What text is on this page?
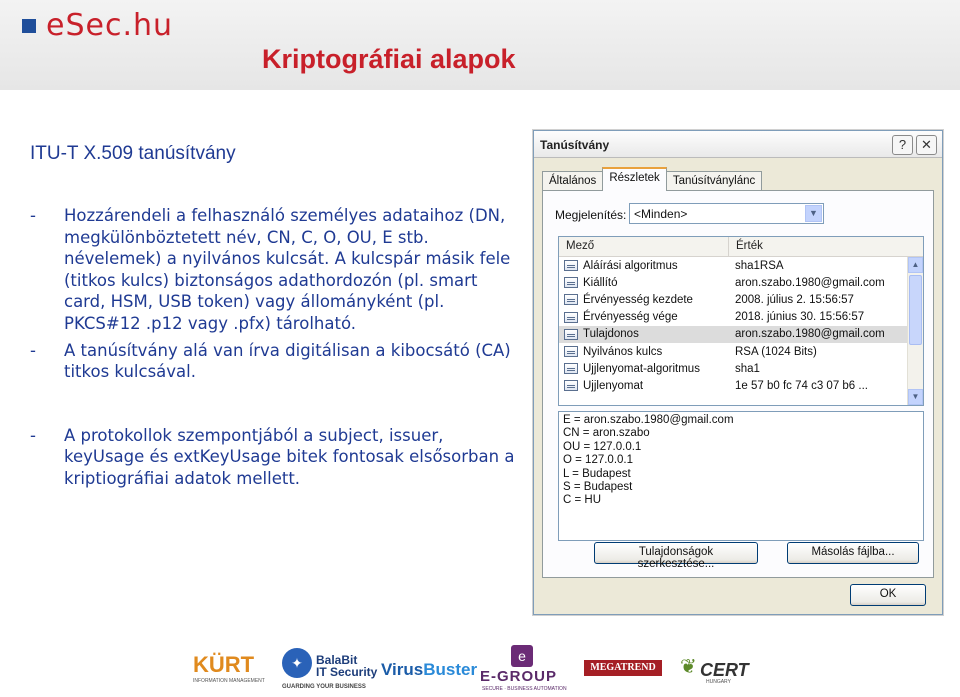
eSec.hu
Kriptográfiai alapok
ITU-T X.509 tanúsítvány
-	Hozzárendeli a felhasználó személyes adataihoz (DN, megkülönböztetett név, CN, C, O, OU, E stb. névelemek) a nyilvános kulcsát. A kulcspár másik fele (titkos kulcs) biztonságos adathordozón (pl. smart card, HSM, USB token) vagy állományként (pl. PKCS#12 .p12 vagy .pfx) tárolható.
-	A tanúsítvány alá van írva digitálisan a kibocsátó (CA) titkos kulcsával.
-	A protokollok szempontjából a subject, issuer, keyUsage és extKeyUsage bitek fontosak elsősorban a kriptiográfiai adatok mellett.
Tanúsítvány	?	✕
Általános	Részletek	Tanúsítványlánc
Megjelenítés: <Minden>	▼
Mező	Érték
Aláírási algoritmus	sha1RSA
Kiállító	aron.szabo.1980@gmail.com
Érvényesség kezdete	2008. július 2. 15:56:57
Érvényesség vége	2018. június 30. 15:56:57
Tulajdonos	aron.szabo.1980@gmail.com
Nyilvános kulcs	RSA (1024 Bits)
Ujjlenyomat-algoritmus	sha1
Ujjlenyomat	1e 57 b0 fc 74 c3 07 b6 ...
▲
▼
E = aron.szabo.1980@gmail.com
CN = aron.szabo
OU = 127.0.0.1
O = 127.0.0.1
L = Budapest
S = Budapest
C = HU
Tulajdonságok szerkesztése...
Másolás fájlba...
OK
KÜRT
INFORMATION MANAGEMENT
✦	BalaBit
IT Security
GUARDING YOUR BUSINESS
VirusBuster
e
E-GROUP
SECURE · BUSINESS AUTOMATION
MEGATREND	❦ CERT
HUNGARY
